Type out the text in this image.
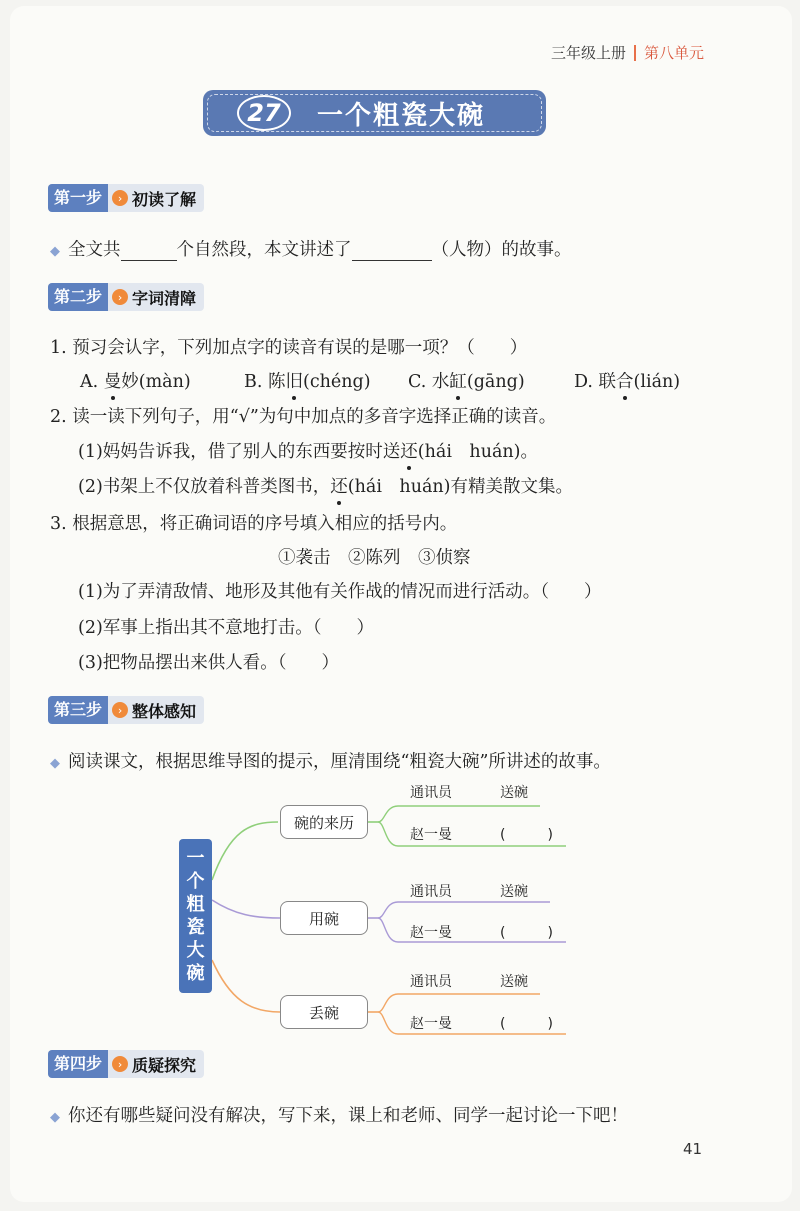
三年级上册 第八单元
27	一个粗瓷大碗
第一步	› 初读了解
◆ 全文共	个自然段，本文讲述了	（人物）的故事。
第二步	› 字词清障
1. 预习会认字，下列加点字的读音有误的是哪一项？（　　）
A. 曼妙(màn)	B. 陈旧(chéng) C. 水缸(gāng)	D. 联合(lián)
2. 读一读下列句子，用“√”为句中加点的多音字选择正确的读音。
(1)妈妈告诉我，借了别人的东西要按时送还(hái　huán)。
(2)书架上不仅放着科普类图书，还(hái　huán)有精美散文集。
3. 根据意思，将正确词语的序号填入相应的括号内。
①袭击　②陈列　③侦察
(1)为了弄清敌情、地形及其他有关作战的情况而进行活动。（　　）
(2)军事上指出其不意地打击。（　　）
(3)把物品摆出来供人看。（　　）
第三步	› 整体感知
◆ 阅读课文，根据思维导图的提示，厘清围绕“粗瓷大碗”所讲述的故事。
一
个
粗
瓷
大
碗
碗的来历
用碗
丢碗
通讯员	送碗
赵一曼	(　　　)
通讯员	送碗
赵一曼	(　　　)
通讯员	送碗
赵一曼	(　　　)
第四步	› 质疑探究
◆ 你还有哪些疑问没有解决，写下来，课上和老师、同学一起讨论一下吧！
41
